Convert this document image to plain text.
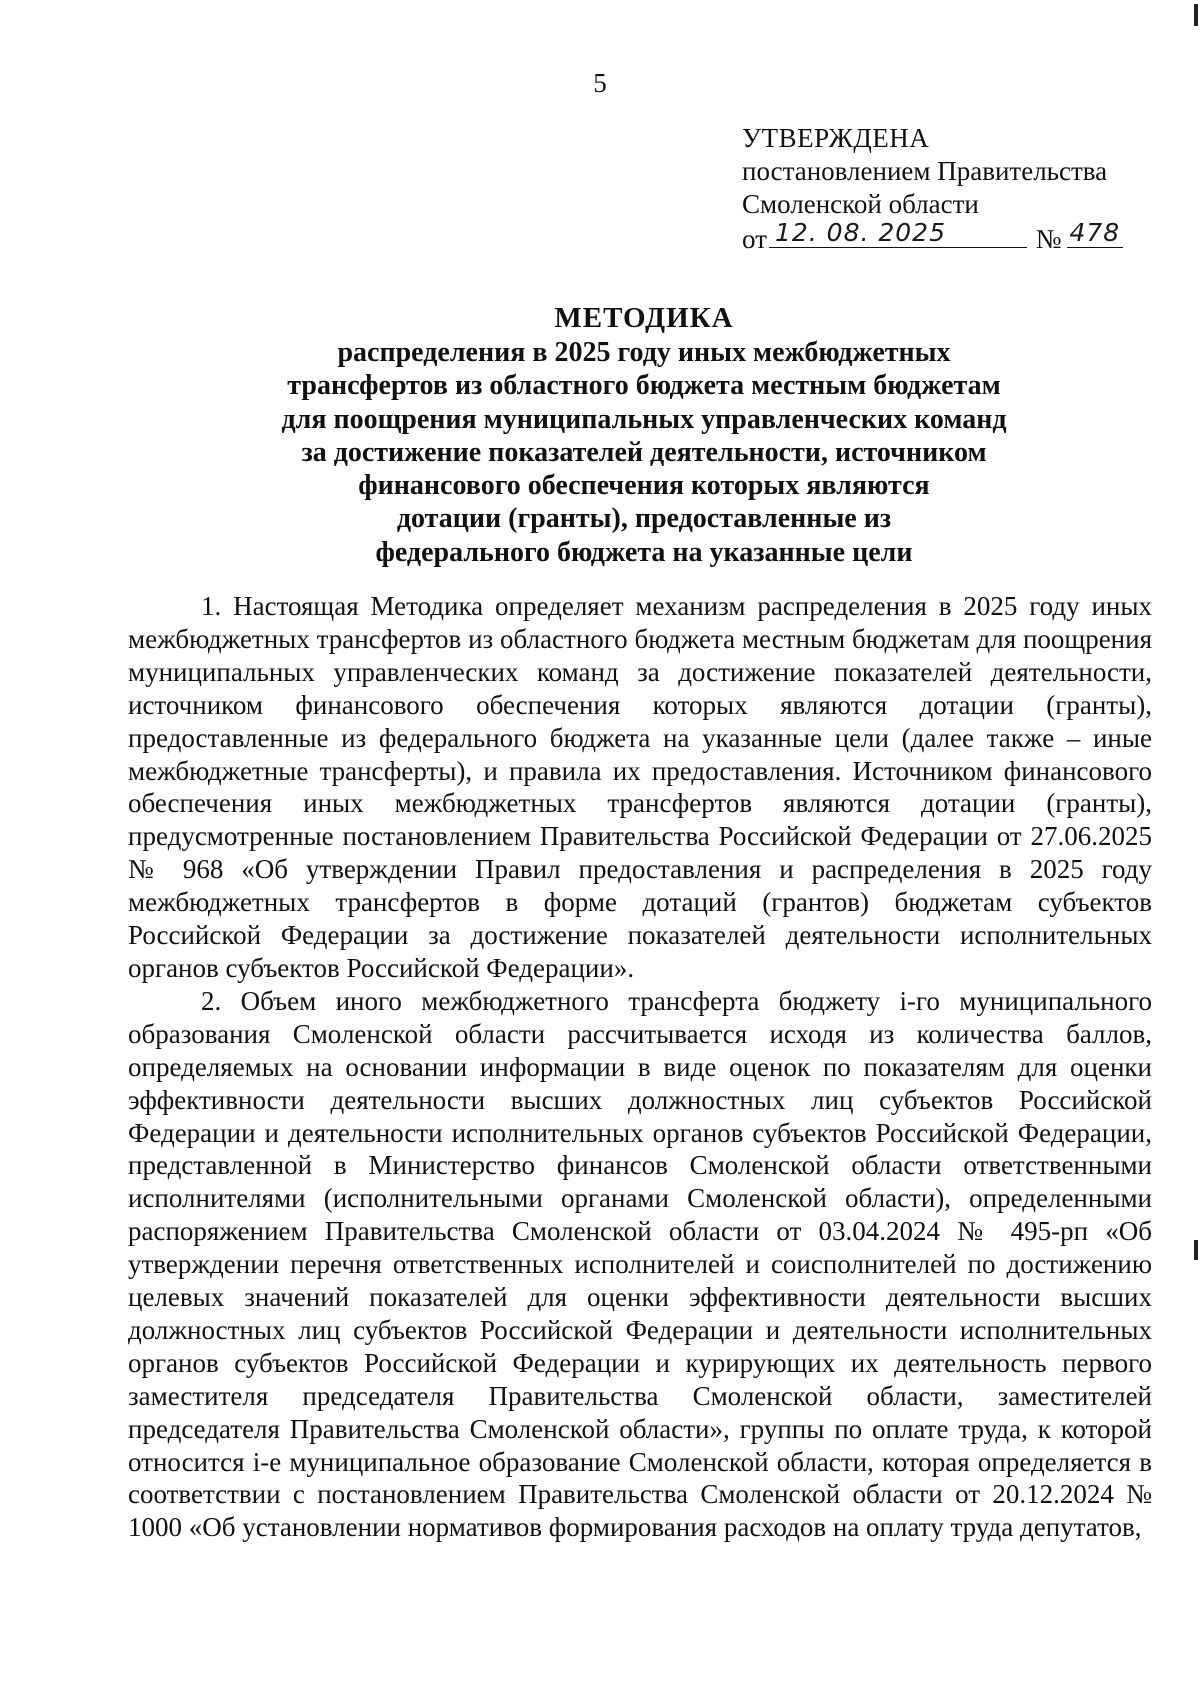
5
УТВЕРЖДЕНА
постановлением Правительства
Смоленской области
от 12. 08. 2025	№ 478
МЕТОДИКА
распределения в 2025 году иных межбюджетных
трансфертов из областного бюджета местным бюджетам
для поощрения муниципальных управленческих команд
за достижение показателей деятельности, источником
финансового обеспечения которых являются
дотации (гранты), предоставленные из
федерального бюджета на указанные цели

1. Настоящая Методика определяет механизм распределения в 2025 году иных межбюджетных трансфертов из областного бюджета местным бюджетам для поощрения муниципальных управленческих команд за достижение показателей деятельности, источником финансового обеспечения которых являются дотации (гранты), предоставленные из федерального бюджета на указанные цели (далее также – иные межбюджетные трансферты), и правила их предоставления. Источником финансового обеспечения иных межбюджетных трансфертов являются дотации (гранты), предусмотренные постановлением Правительства Российской Федерации от 27.06.2025 № 968 «Об утверждении Правил предоставления и распределения в 2025 году межбюджетных трансфертов в форме дотаций (грантов) бюджетам субъектов Российской Федерации за достижение показателей деятельности исполнительных органов субъектов Российской Федерации».

2. Объем иного межбюджетного трансферта бюджету i-го муниципального образования Смоленской области рассчитывается исходя из количества баллов, определяемых на основании информации в виде оценок по показателям для оценки эффективности деятельности высших должностных лиц субъектов Российской Федерации и деятельности исполнительных органов субъектов Российской Федерации, представленной в Министерство финансов Смоленской области ответственными исполнителями (исполнительными органами Смоленской области), определенными распоряжением Правительства Смоленской области от 03.04.2024 № 495-рп «Об утверждении перечня ответственных исполнителей и соисполнителей по достижению целевых значений показателей для оценки эффективности деятельности высших должностных лиц субъектов Российской Федерации и деятельности исполнительных органов субъектов Российской Федерации и курирующих их деятельность первого заместителя председателя Правительства Смоленской области, заместителей председателя Правительства Смоленской области», группы по оплате труда, к которой относится i-е муниципальное образование Смоленской области, которая определяется в соответствии с постановлением Правительства Смоленской области от 20.12.2024 № 1000 «Об установлении нормативов формирования расходов на оплату труда депутатов,
